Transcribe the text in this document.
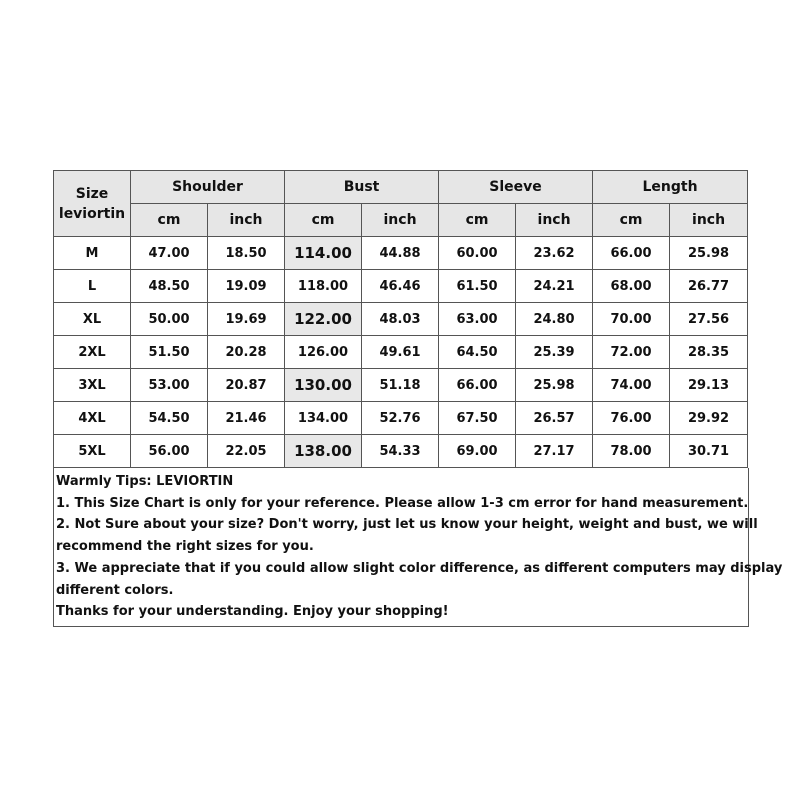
Size
leviortin	Shoulder		Bust		Sleeve		Length	
	cm	inch	cm	inch	cm	inch	cm	inch
M	47.00	18.50	114.00	44.88	60.00	23.62	66.00	25.98
L	48.50	19.09	118.00	46.46	61.50	24.21	68.00	26.77
XL	50.00	19.69	122.00	48.03	63.00	24.80	70.00	27.56
2XL	51.50	20.28	126.00	49.61	64.50	25.39	72.00	28.35
3XL	53.00	20.87	130.00	51.18	66.00	25.98	74.00	29.13
4XL	54.50	21.46	134.00	52.76	67.50	26.57	76.00	29.92
5XL	56.00	22.05	138.00	54.33	69.00	27.17	78.00	30.71
Warmly Tips: LEVIORTIN
1. This Size Chart is only for your reference. Please allow 1-3 cm error for hand measurement.
2. Not Sure about your size? Don't worry, just let us know your height, weight and bust, we will
recommend the right sizes for you.
3. We appreciate that if you could allow slight color difference, as different computers may display
different colors.
Thanks for your understanding. Enjoy your shopping!
